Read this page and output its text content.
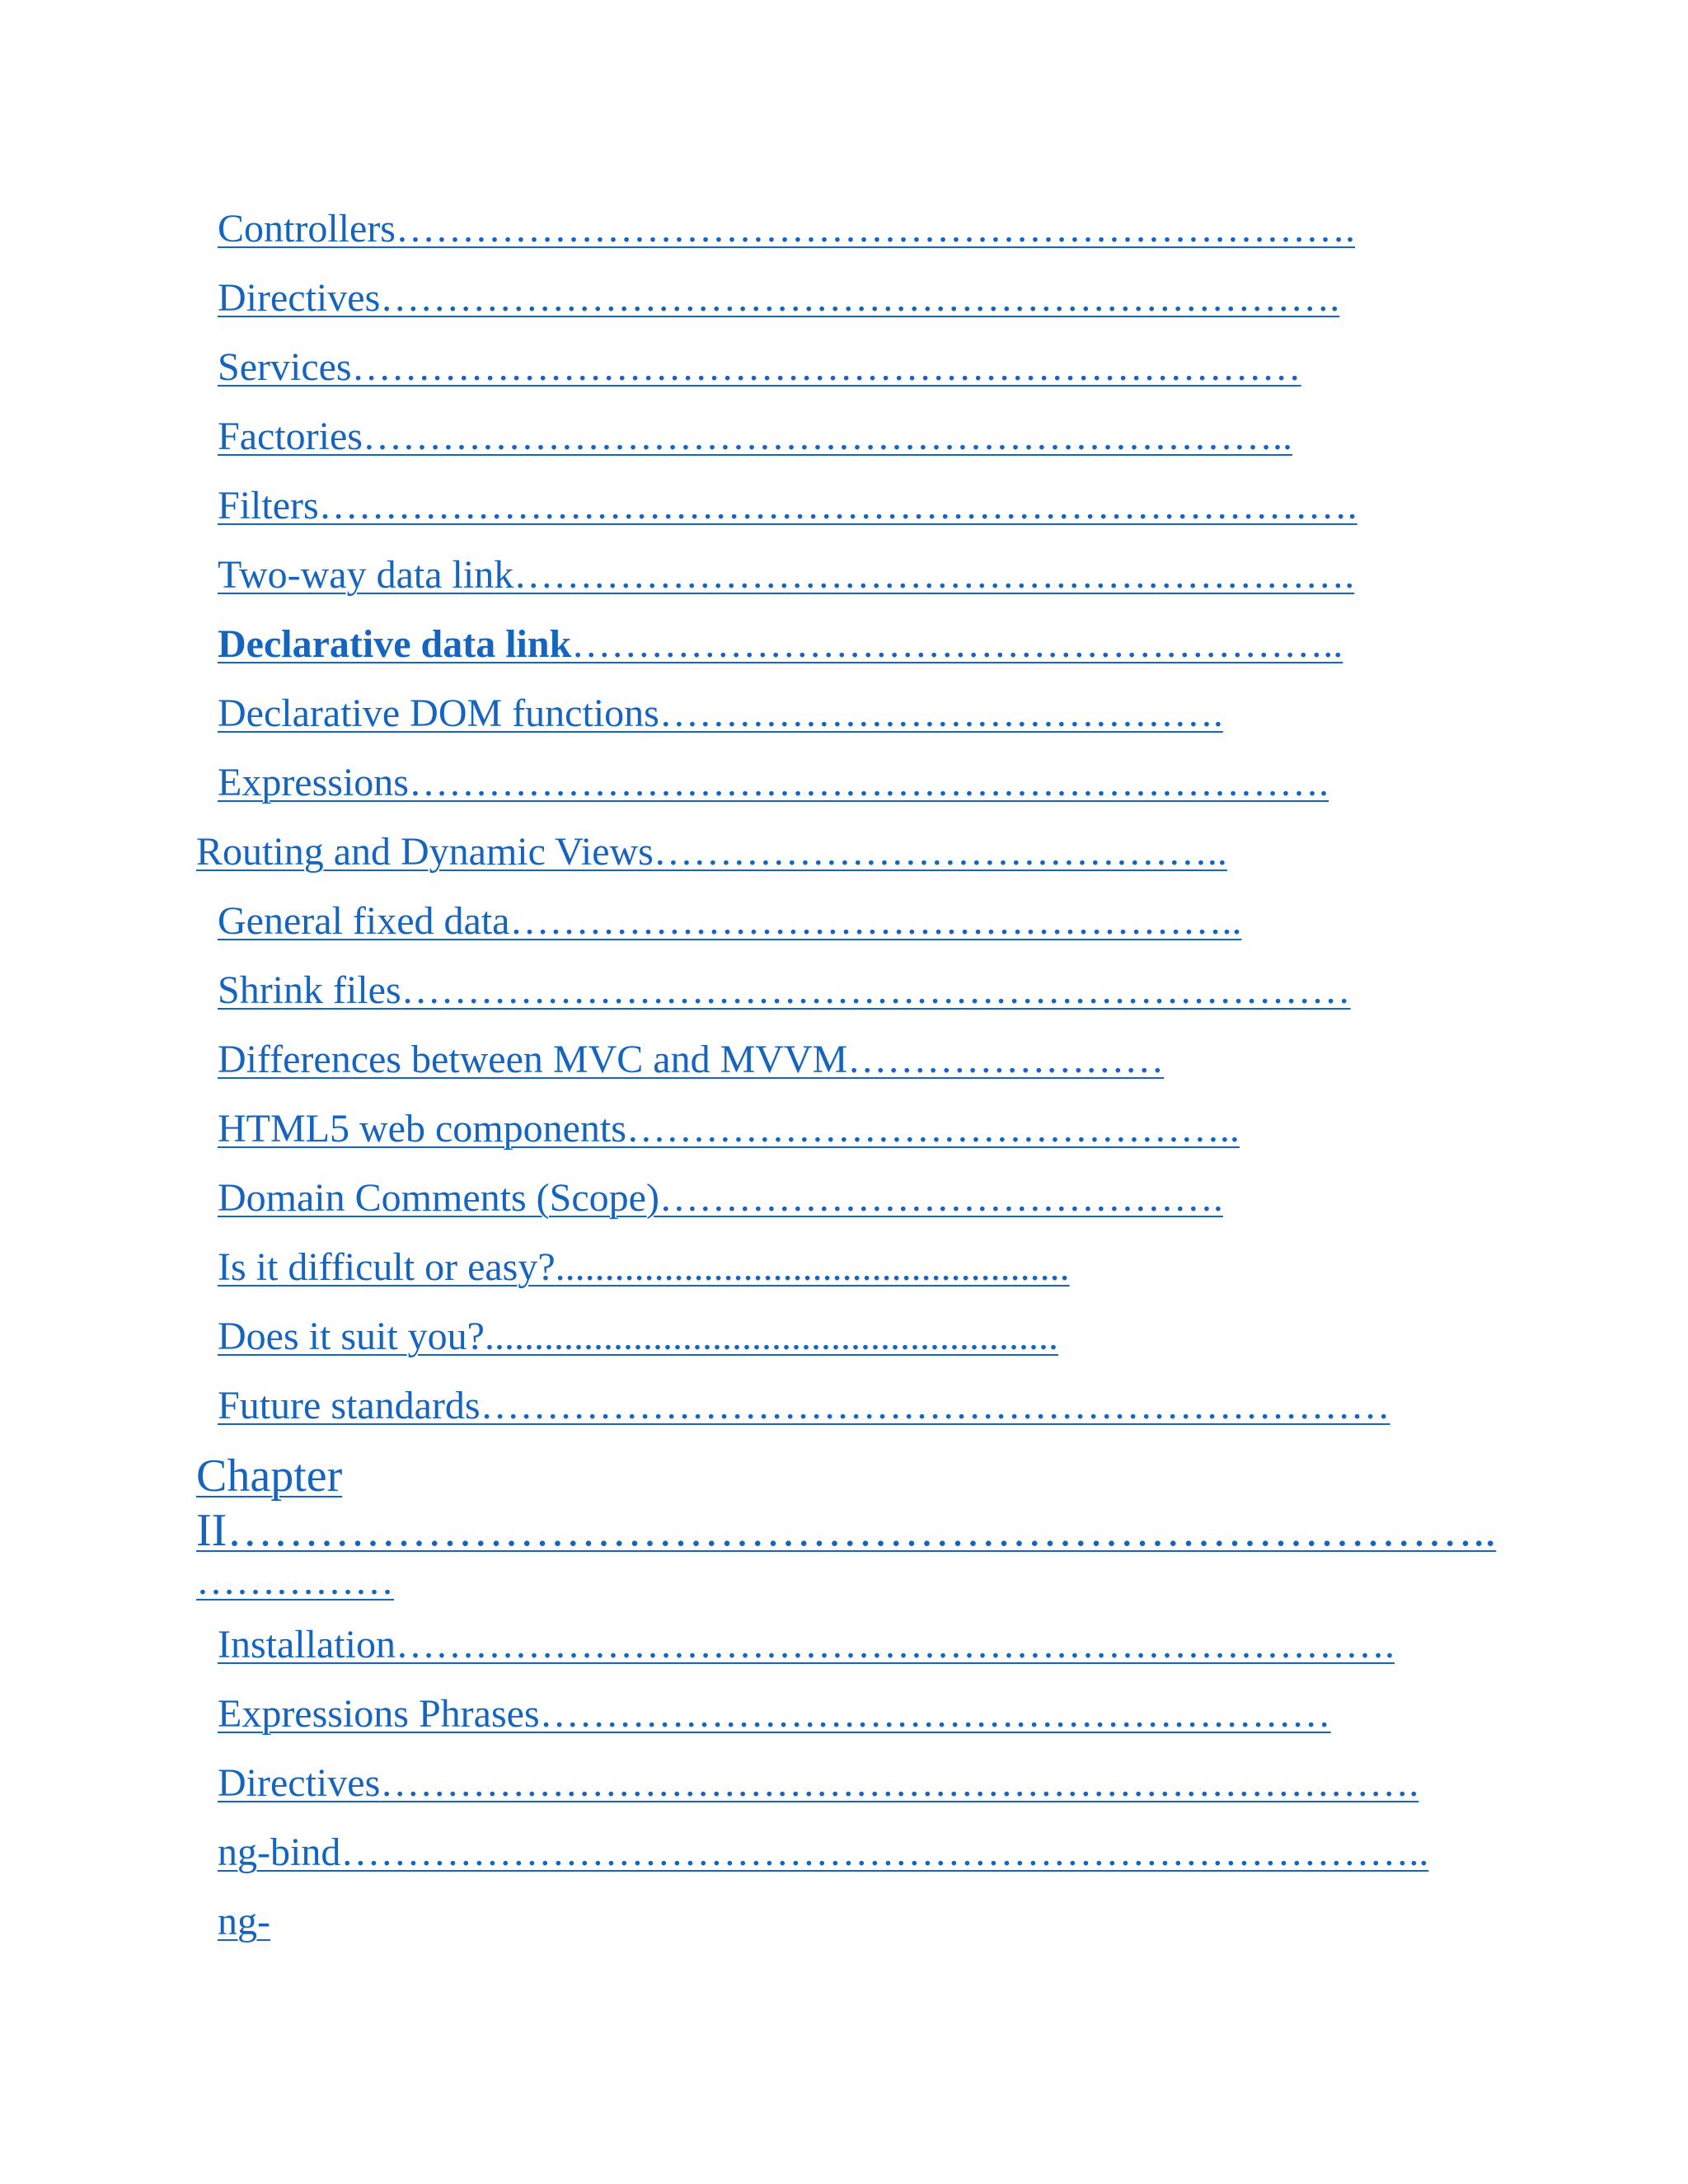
Controllers……………………………………………………………….
Directives……………………………………………………………….
Services………………………………………………………………
Factories……………………………………………………………..
Filters…………………………………………………………………….
Two-way data link……………………………………………………….
Declarative data link…………………………………………………..
Declarative DOM functions…………………………………….
Expressions…………………………………………………………….
Routing and Dynamic Views……………………………………..
General fixed data………………………………………………..
Shrink files………………………………………………………………
Differences between MVC and MVVM……………………
HTML5 web components………………………………………..
Domain Comments (Scope)…………………………………….
Is it difficult or easy?....................................................
Does it suit you?..........................................................
Future standards……………………………………………………………
Chapter
II………………………………………………………………………..
……………
Installation………………………………………………………………….
Expressions Phrases……………………………………………………
Directives…………………………………………………………………….
ng-bind………………………………………………………………………..
ng-
